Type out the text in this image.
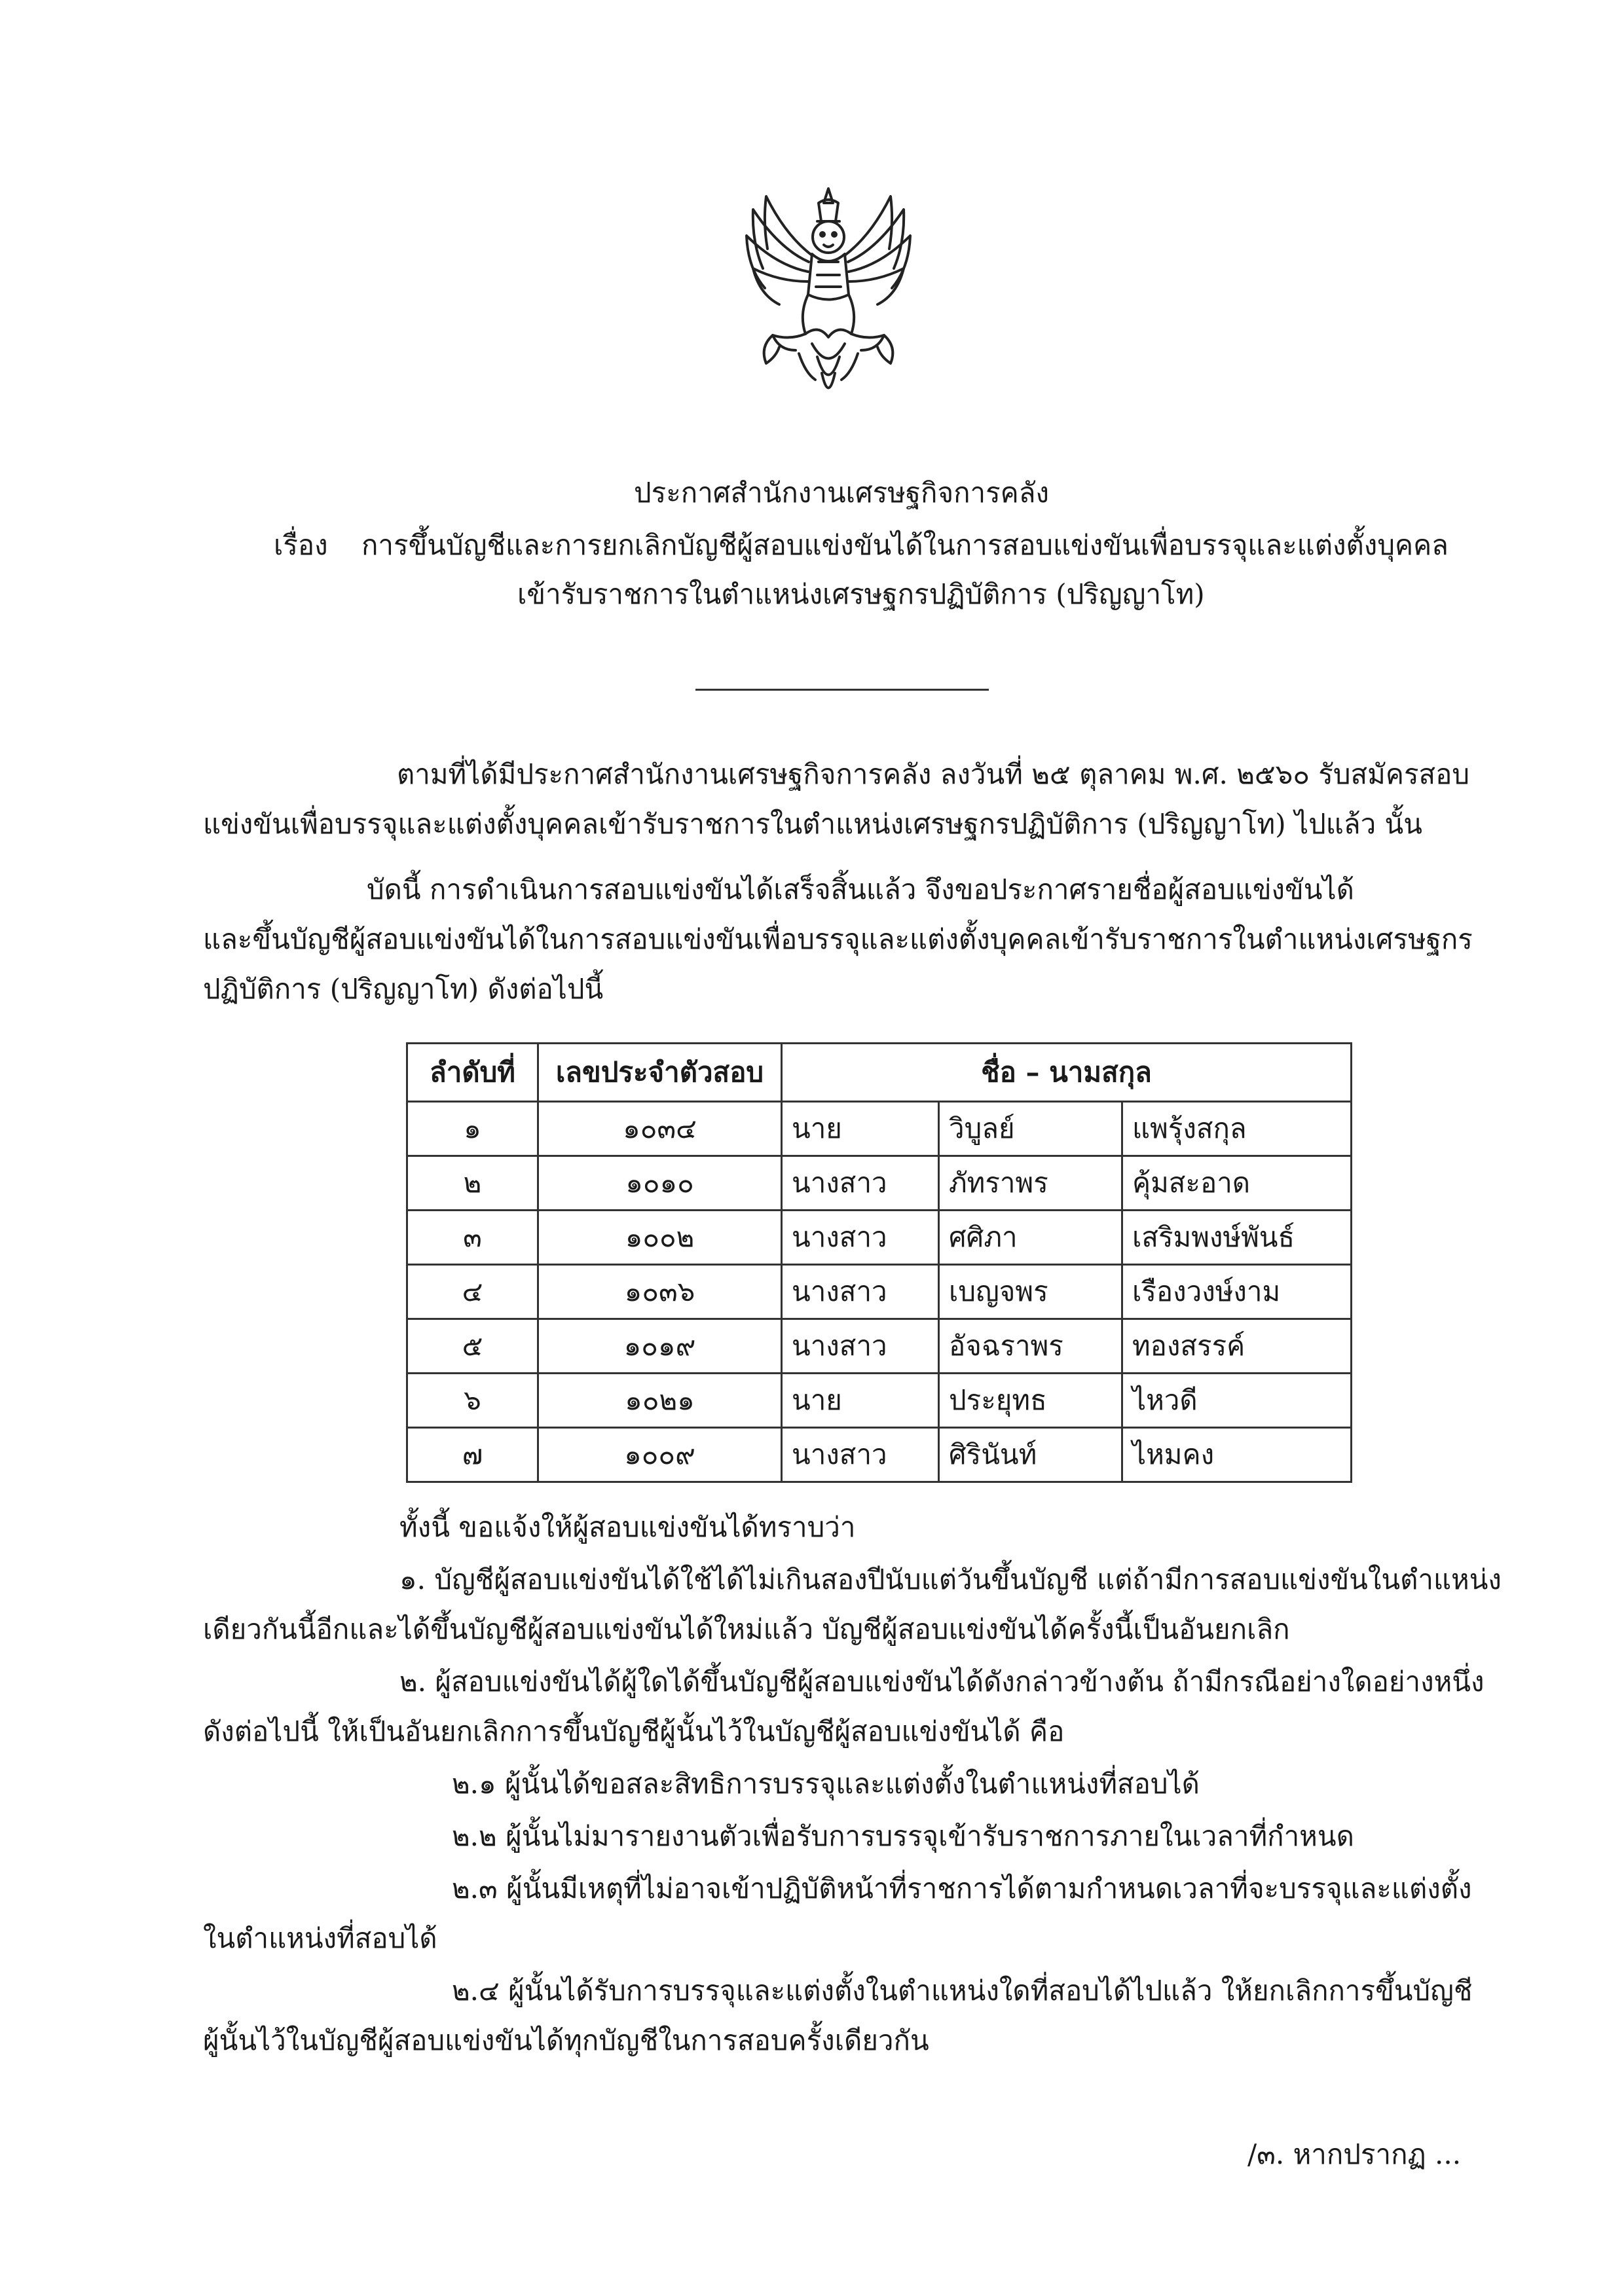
ประกาศสำนักงานเศรษฐกิจการคลัง
เรื่อง การขึ้นบัญชีและการยกเลิกบัญชีผู้สอบแข่งขันได้ในการสอบแข่งขันเพื่อบรรจุและแต่งตั้งบุคคล
เข้ารับราชการในตำแหน่งเศรษฐกรปฏิบัติการ (ปริญญาโท)
ตามที่ได้มีประกาศสำนักงานเศรษฐกิจการคลัง ลงวันที่ ๒๕ ตุลาคม พ.ศ. ๒๕๖๐ รับสมัครสอบ
แข่งขันเพื่อบรรจุและแต่งตั้งบุคคลเข้ารับราชการในตำแหน่งเศรษฐกรปฏิบัติการ (ปริญญาโท) ไปแล้ว นั้น
บัดนี้ การดำเนินการสอบแข่งขันได้เสร็จสิ้นแล้ว จึงขอประกาศรายชื่อผู้สอบแข่งขันได้
และขึ้นบัญชีผู้สอบแข่งขันได้ในการสอบแข่งขันเพื่อบรรจุและแต่งตั้งบุคคลเข้ารับราชการในตำแหน่งเศรษฐกร
ปฏิบัติการ (ปริญญาโท) ดังต่อไปนี้
ลำดับที่	เลขประจำตัวสอบ	ชื่อ – นามสกุล		
๑	๑๐๓๔	นาย	วิบูลย์	แพรุ้งสกุล
๒	๑๐๑๐	นางสาว	ภัทราพร	คุ้มสะอาด
๓	๑๐๐๒	นางสาว	ศศิภา	เสริมพงษ์พันธ์
๔	๑๐๓๖	นางสาว	เบญจพร	เรืองวงษ์งาม
๕	๑๐๑๙	นางสาว	อัจฉราพร	ทองสรรค์
๖	๑๐๒๑	นาย	ประยุทธ	ไหวดี
๗	๑๐๐๙	นางสาว	ศิรินันท์	ไหมคง
ทั้งนี้ ขอแจ้งให้ผู้สอบแข่งขันได้ทราบว่า
๑. บัญชีผู้สอบแข่งขันได้ใช้ได้ไม่เกินสองปีนับแต่วันขึ้นบัญชี แต่ถ้ามีการสอบแข่งขันในตำแหน่ง
เดียวกันนี้อีกและได้ขึ้นบัญชีผู้สอบแข่งขันได้ใหม่แล้ว บัญชีผู้สอบแข่งขันได้ครั้งนี้เป็นอันยกเลิก
๒. ผู้สอบแข่งขันได้ผู้ใดได้ขึ้นบัญชีผู้สอบแข่งขันได้ดังกล่าวข้างต้น ถ้ามีกรณีอย่างใดอย่างหนึ่ง
ดังต่อไปนี้ ให้เป็นอันยกเลิกการขึ้นบัญชีผู้นั้นไว้ในบัญชีผู้สอบแข่งขันได้ คือ
๒.๑ ผู้นั้นได้ขอสละสิทธิการบรรจุและแต่งตั้งในตำแหน่งที่สอบได้
๒.๒ ผู้นั้นไม่มารายงานตัวเพื่อรับการบรรจุเข้ารับราชการภายในเวลาที่กำหนด
๒.๓ ผู้นั้นมีเหตุที่ไม่อาจเข้าปฏิบัติหน้าที่ราชการได้ตามกำหนดเวลาที่จะบรรจุและแต่งตั้ง
ในตำแหน่งที่สอบได้
๒.๔ ผู้นั้นได้รับการบรรจุและแต่งตั้งในตำแหน่งใดที่สอบได้ไปแล้ว ให้ยกเลิกการขึ้นบัญชี
ผู้นั้นไว้ในบัญชีผู้สอบแข่งขันได้ทุกบัญชีในการสอบครั้งเดียวกัน
/๓. หากปรากฏ ...
